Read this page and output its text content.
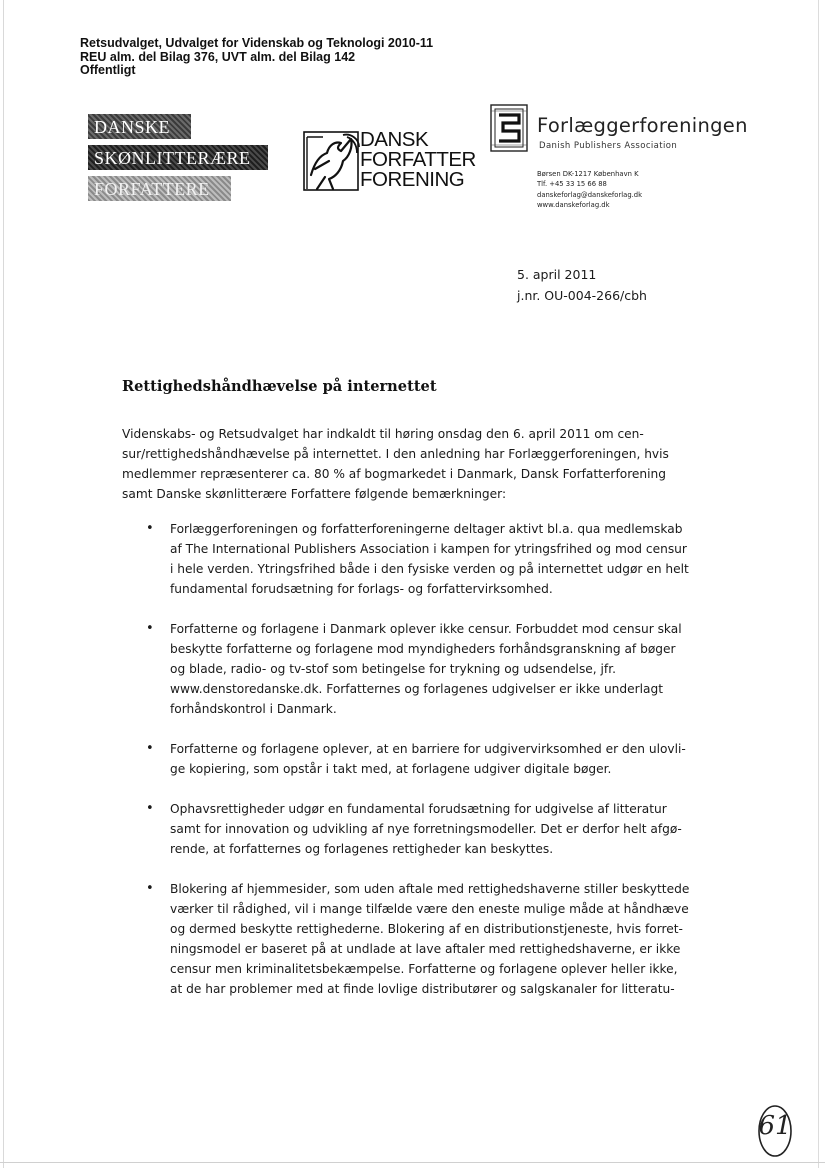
Retsudvalget, Udvalget for Videnskab og Teknologi 2010-11
REU alm. del Bilag 376, UVT alm. del Bilag 142
Offentligt
DANSKE
SKØNLITTERÆRE
FORFATTERE
DANSK
FORFATTER
FORENING
Forlæggerforeningen
Danish Publishers Association
Børsen DK-1217 København K
Tlf. +45 33 15 66 88
danskeforlag@danskeforlag.dk
www.danskeforlag.dk
5. april 2011
j.nr. OU-004-266/cbh
Rettighedshåndhævelse på internettet
Videnskabs- og Retsudvalget har indkaldt til høring onsdag den 6. april 2011 om cen-
sur/rettighedshåndhævelse på internettet. I den anledning har Forlæggerforeningen, hvis
medlemmer repræsenterer ca. 80 % af bogmarkedet i Danmark, Dansk Forfatterforening
samt Danske skønlitterære Forfattere følgende bemærkninger:
• Forlæggerforeningen og forfatterforeningerne deltager aktivt bl.a. qua medlemskab
af The International Publishers Association i kampen for ytringsfrihed og mod censur
i hele verden. Ytringsfrihed både i den fysiske verden og på internettet udgør en helt
fundamental forudsætning for forlags- og forfattervirksomhed.
• Forfatterne og forlagene i Danmark oplever ikke censur. Forbuddet mod censur skal
beskytte forfatterne og forlagene mod myndigheders forhåndsgranskning af bøger
og blade, radio- og tv-stof som betingelse for trykning og udsendelse, jfr.
www.denstoredanske.dk. Forfatternes og forlagenes udgivelser er ikke underlagt
forhåndskontrol i Danmark.
• Forfatterne og forlagene oplever, at en barriere for udgivervirksomhed er den ulovli-
ge kopiering, som opstår i takt med, at forlagene udgiver digitale bøger.
• Ophavsrettigheder udgør en fundamental forudsætning for udgivelse af litteratur
samt for innovation og udvikling af nye forretningsmodeller. Det er derfor helt afgø-
rende, at forfatternes og forlagenes rettigheder kan beskyttes.
• Blokering af hjemmesider, som uden aftale med rettighedshaverne stiller beskyttede
værker til rådighed, vil i mange tilfælde være den eneste mulige måde at håndhæve
og dermed beskytte rettighederne. Blokering af en distributionstjeneste, hvis forret-
ningsmodel er baseret på at undlade at lave aftaler med rettighedshaverne, er ikke
censur men kriminalitetsbekæmpelse. Forfatterne og forlagene oplever heller ikke,
at de har problemer med at finde lovlige distributører og salgskanaler for litteratu-
61
